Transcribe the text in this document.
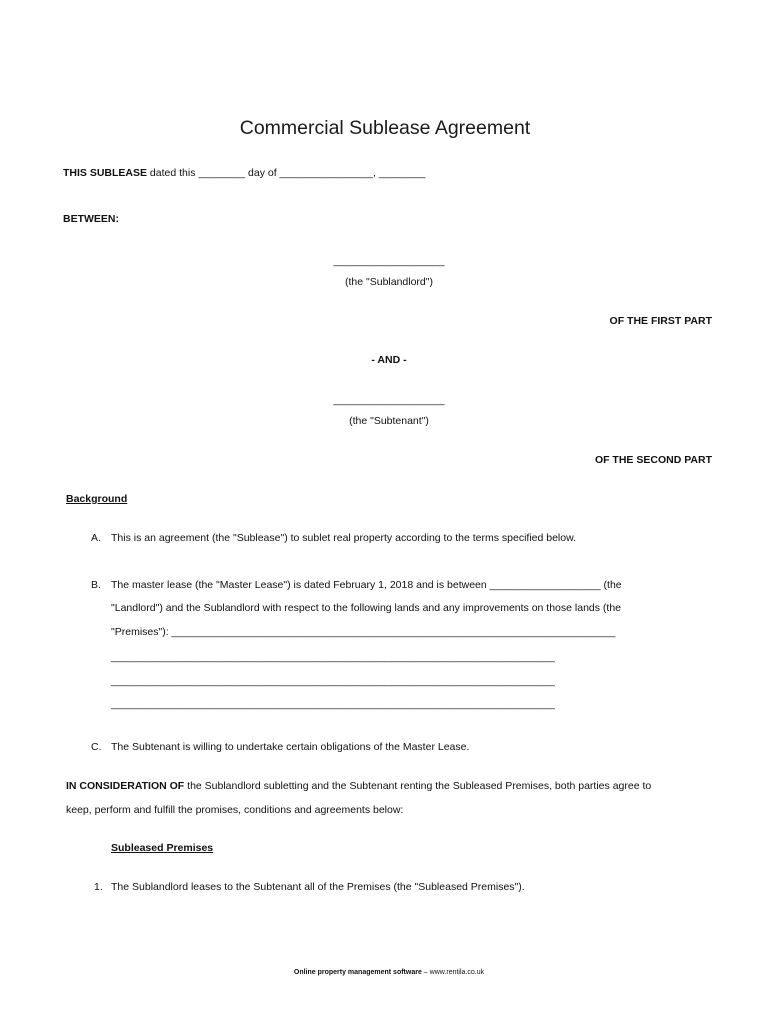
Commercial Sublease Agreement
THIS SUBLEASE dated this ________ day of ________________, ________
BETWEEN:
___________________
(the "Sublandlord")
OF THE FIRST PART
- AND -
___________________
(the "Subtenant")
OF THE SECOND PART
Background
A. This is an agreement (the "Sublease") to sublet real property according to the terms specified below.
B. The master lease (the "Master Lease") is dated February 1, 2018 and is between ___________________ (the
"Landlord") and the Sublandlord with respect to the following lands and any improvements on those lands (the
"Premises"): ____________________________________________________________________________
____________________________________________________________________________
____________________________________________________________________________
____________________________________________________________________________
C. The Subtenant is willing to undertake certain obligations of the Master Lease.
IN CONSIDERATION OF the Sublandlord subletting and the Subtenant renting the Subleased Premises, both parties agree to
keep, perform and fulfill the promises, conditions and agreements below:
Subleased Premises
1. The Sublandlord leases to the Subtenant all of the Premises (the "Subleased Premises").
Online property management software – www.rentila.co.uk
